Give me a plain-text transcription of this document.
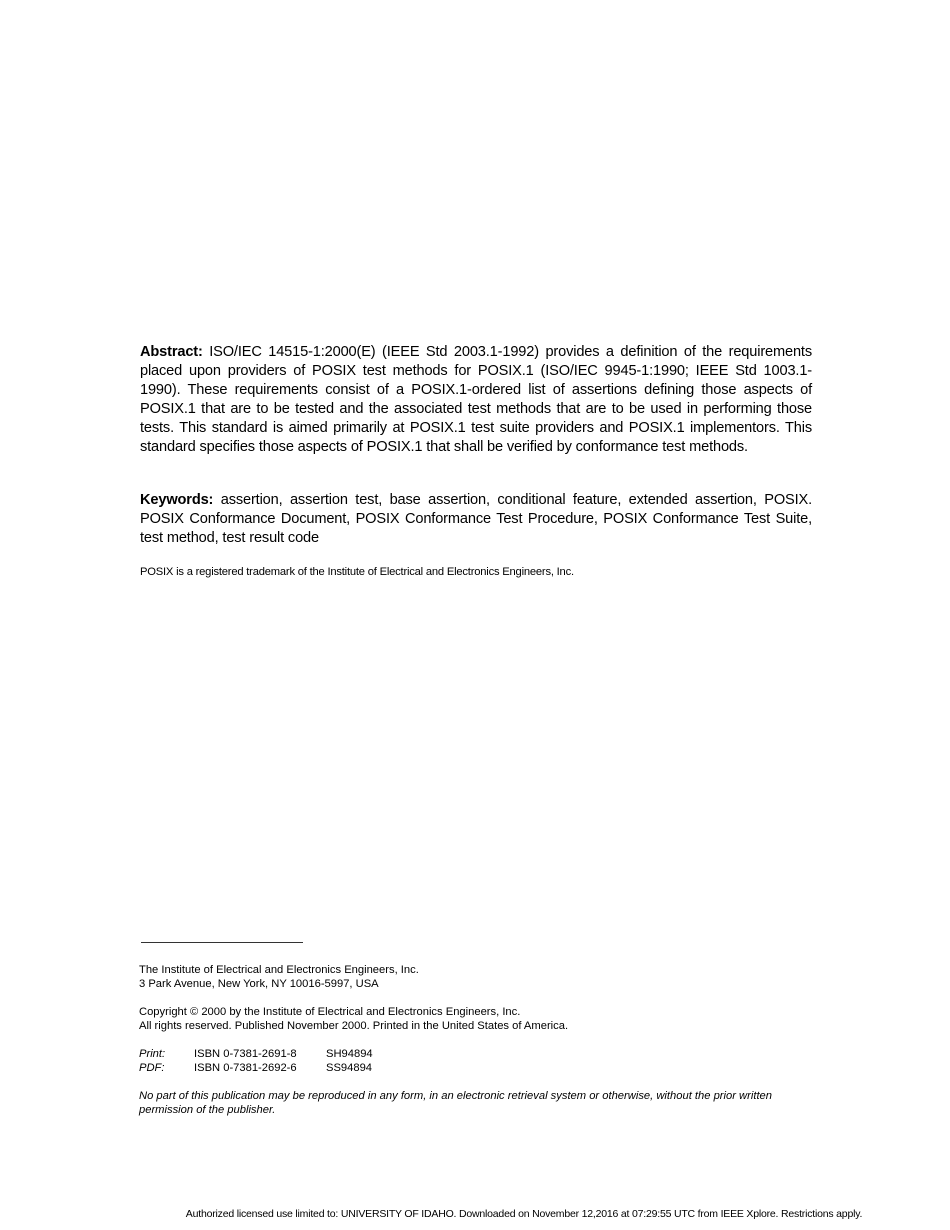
Abstract: ISO/IEC 14515-1:2000(E) (IEEE Std 2003.1-1992) provides a definition of the requirements placed upon providers of POSIX test methods for POSIX.1 (ISO/IEC 9945-1:1990; IEEE Std 1003.1-1990). These requirements consist of a POSIX.1-ordered list of assertions defining those aspects of POSIX.1 that are to be tested and the associated test methods that are to be used in performing those tests. This standard is aimed primarily at POSIX.1 test suite providers and POSIX.1 implementors. This standard specifies those aspects of POSIX.1 that shall be verified by conformance test methods.
Keywords: assertion, assertion test, base assertion, conditional feature, extended assertion, POSIX. POSIX Conformance Document, POSIX Conformance Test Procedure, POSIX Conformance Test Suite, test method, test result code
POSIX is a registered trademark of the Institute of Electrical and Electronics Engineers, Inc.
The Institute of Electrical and Electronics Engineers, Inc.
3 Park Avenue, New York, NY 10016-5997, USA
Copyright © 2000 by the Institute of Electrical and Electronics Engineers, Inc.
All rights reserved. Published November 2000. Printed in the United States of America.
Print:	ISBN 0-7381-2691-8	SH94894
PDF:	ISBN 0-7381-2692-6	SS94894
No part of this publication may be reproduced in any form, in an electronic retrieval system or otherwise, without the prior written permission of the publisher.
Authorized licensed use limited to: UNIVERSITY OF IDAHO. Downloaded on November 12,2016 at 07:29:55 UTC from IEEE Xplore. Restrictions apply.
